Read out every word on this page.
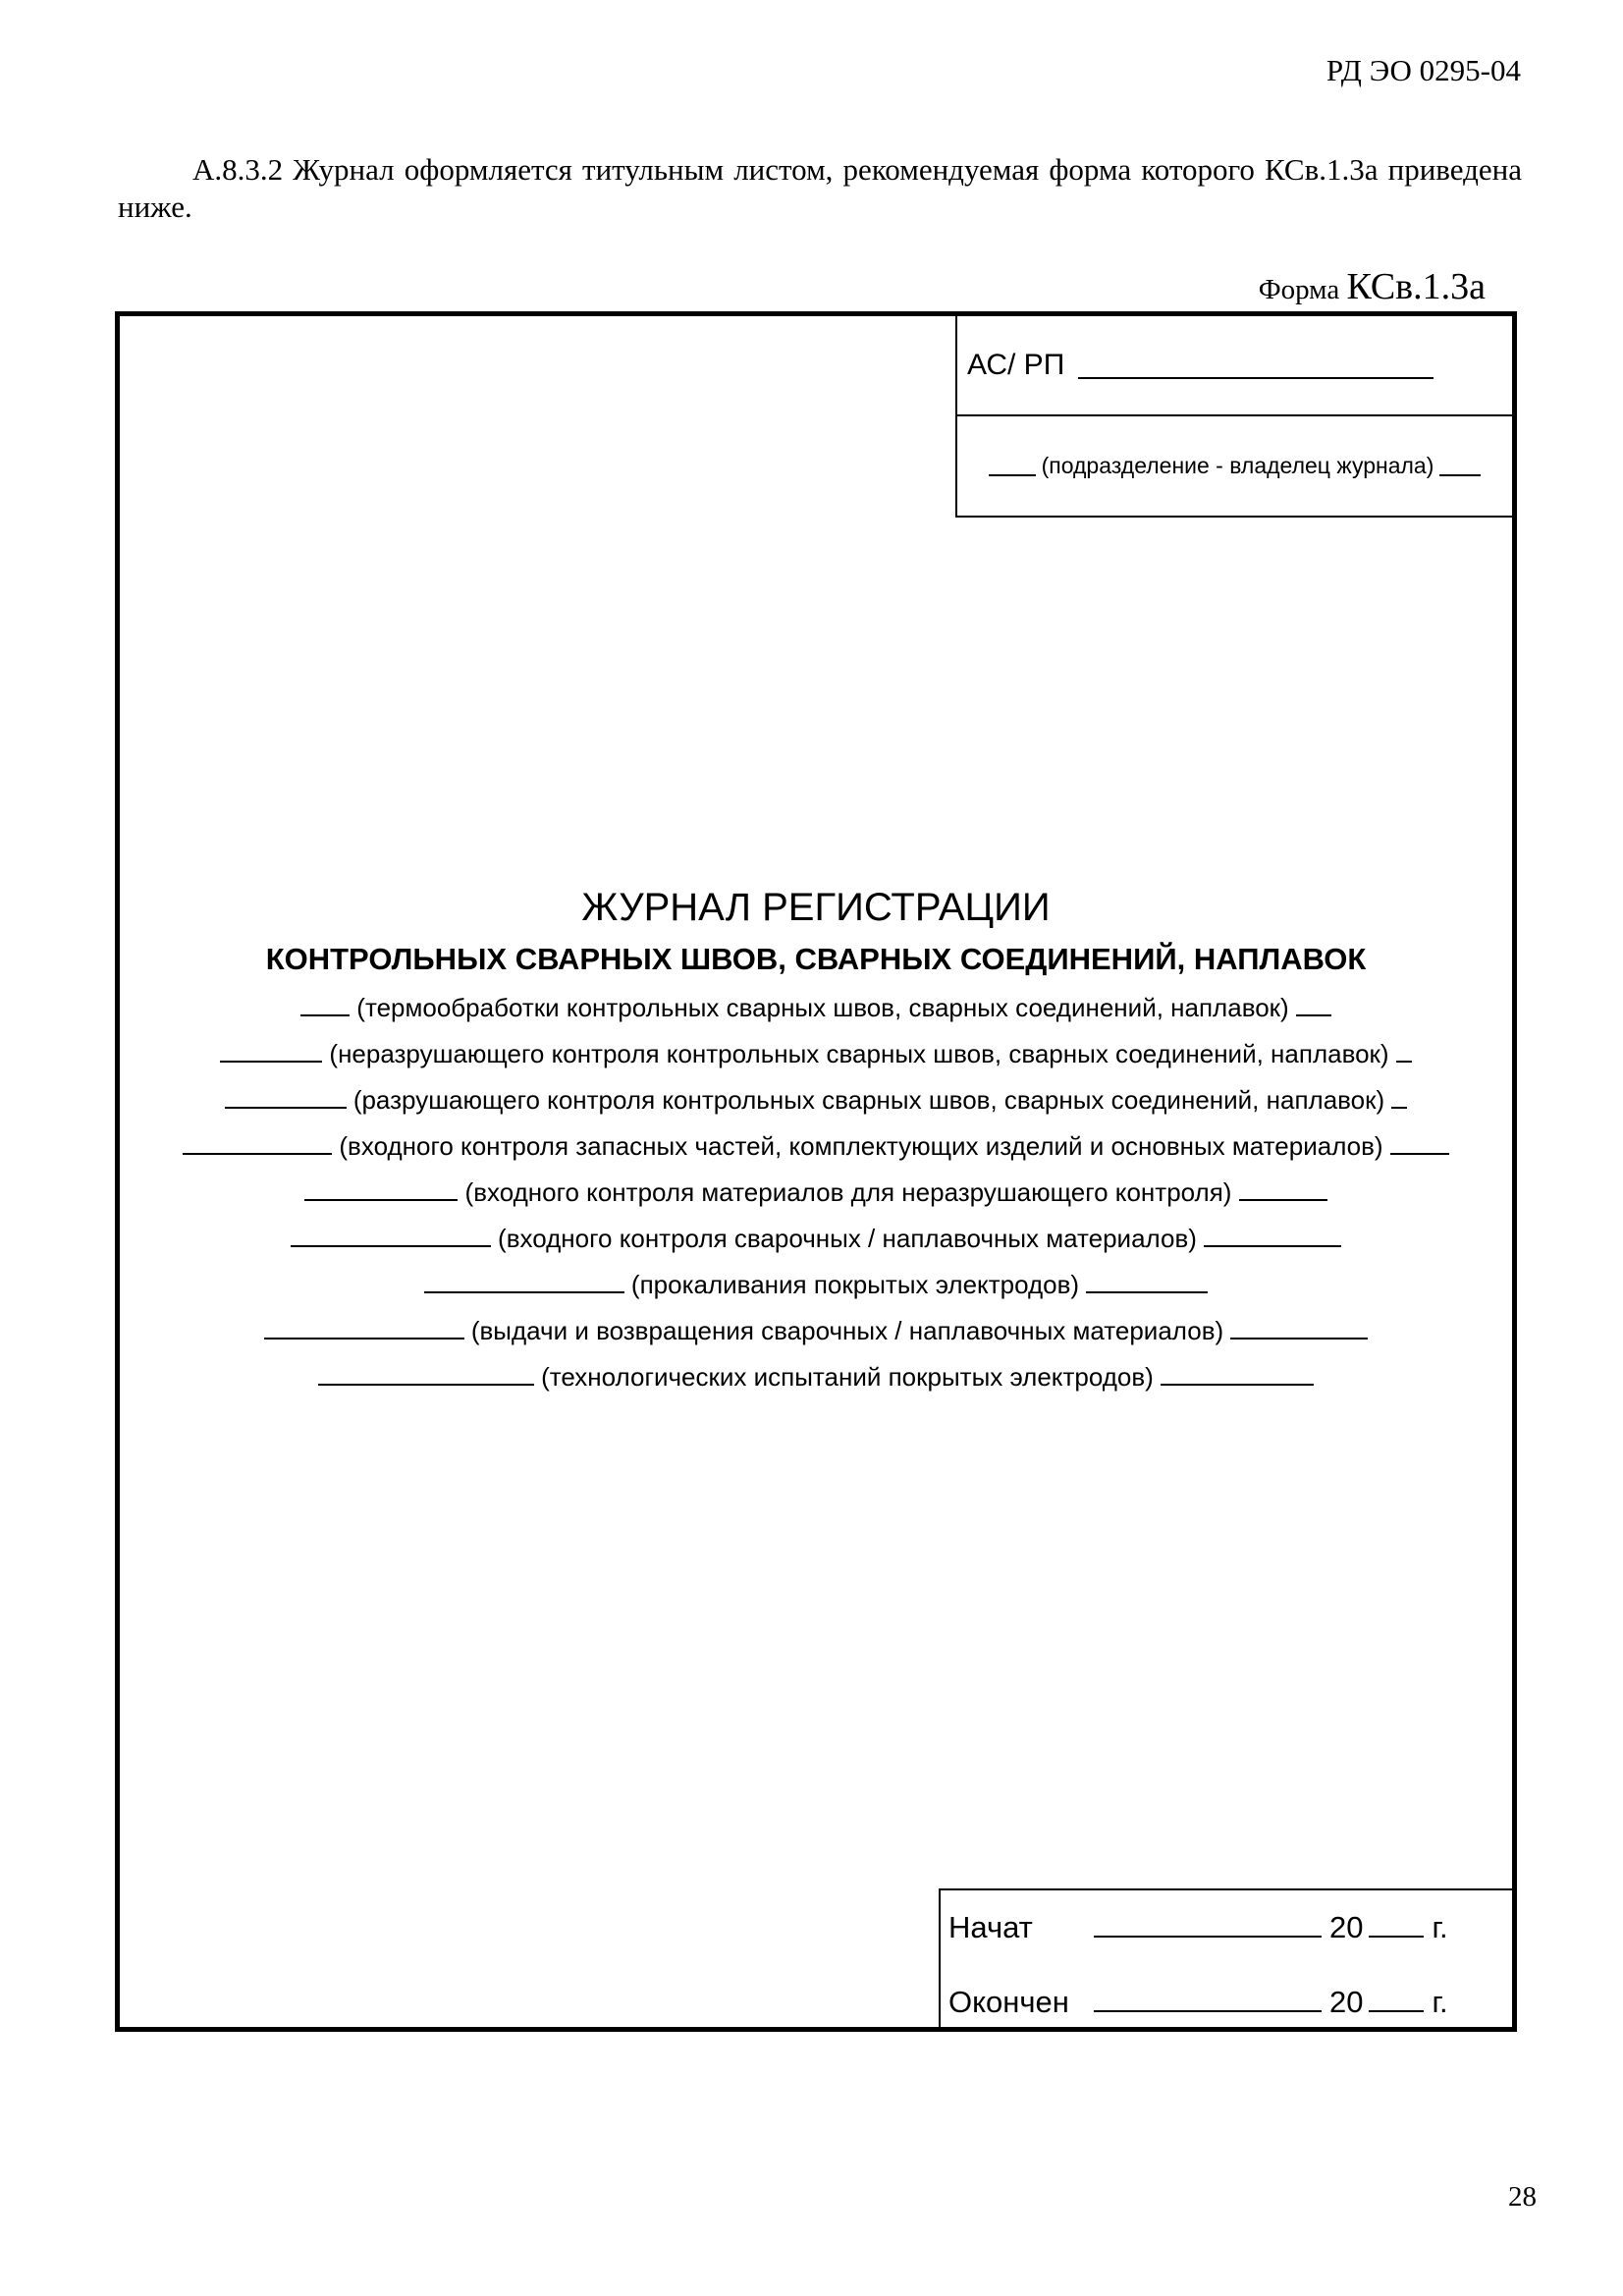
РД ЭО 0295-04

А.8.3.2 Журнал оформляется титульным листом, рекомендуемая форма которого КСв.1.3а приведена ниже.

Форма КСв.1.3а
АС/ РП
(подразделение - владелец журнала)
ЖУРНАЛ РЕГИСТРАЦИИ
КОНТРОЛЬНЫХ СВАРНЫХ ШВОВ, СВАРНЫХ СОЕДИНЕНИЙ, НАПЛАВОК

(термообработки контрольных сварных швов, сварных соединений, наплавок)

(неразрушающего контроля контрольных сварных швов, сварных соединений, наплавок)

(разрушающего контроля контрольных сварных швов, сварных соединений, наплавок)

(входного контроля запасных частей, комплектующих изделий и основных материалов)

(входного контроля материалов для неразрушающего контроля)

(входного контроля сварочных / наплавочных материалов)

(прокаливания покрытых электродов)

(выдачи и возвращения сварочных / наплавочных материалов)

(технологических испытаний покрытых электродов)

Начат	20 г.
Окончен	20 г.
28
